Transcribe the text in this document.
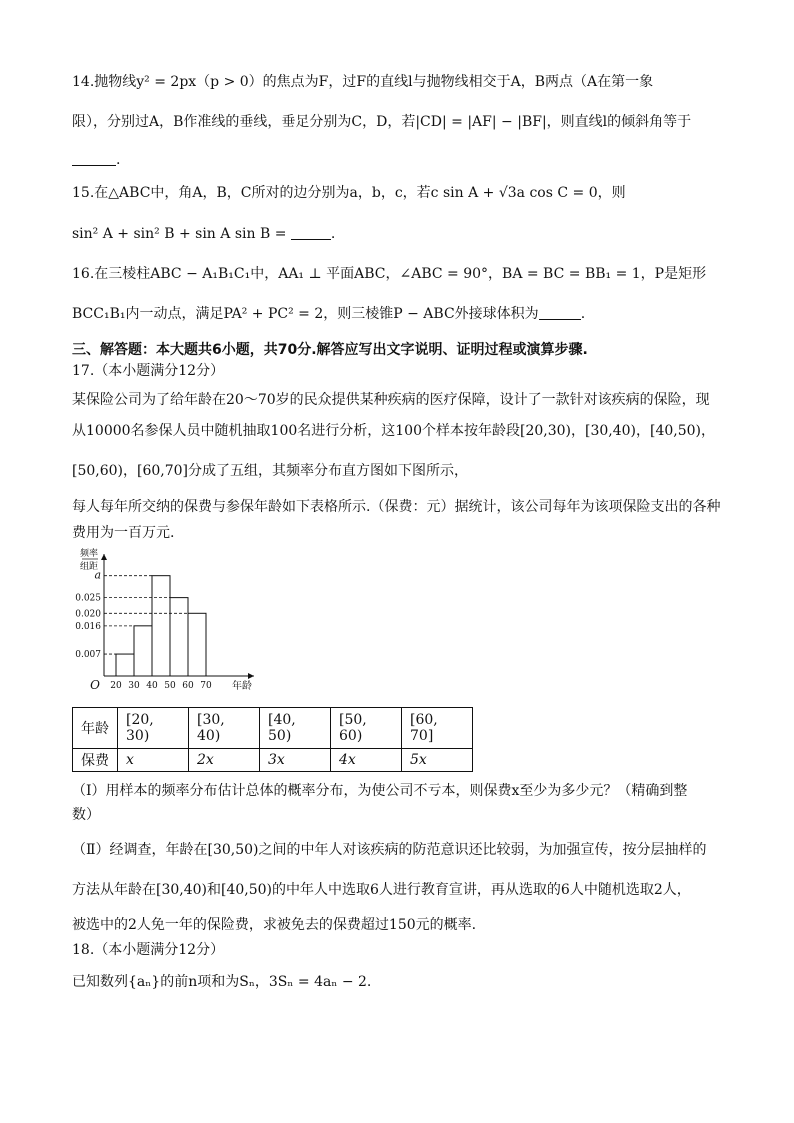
14.抛物线y² = 2px（p > 0）的焦点为F，过F的直线l与抛物线相交于A，B两点（A在第一象
限），分别过A，B作准线的垂线，垂足分别为C，D，若|CD| = |AF| − |BF|，则直线l的倾斜角等于
.
15.在△ABC中，角A，B，C所对的边分别为a，b，c，若c sin A + √3a cos C = 0，则
sin² A + sin² B + sin A sin B =	.
16.在三棱柱ABC − A₁B₁C₁中，AA₁ ⊥ 平面ABC，∠ABC = 90°，BA = BC = BB₁ = 1，P是矩形
BCC₁B₁内一动点，满足PA² + PC² = 2，则三棱锥P − ABC外接球体积为	.
三、解答题：本大题共6小题，共70分.解答应写出文字说明、证明过程或演算步骤.
17.（本小题满分12分）
某保险公司为了给年龄在20～70岁的民众提供某种疾病的医疗保障，设计了一款针对该疾病的保险，现
从10000名参保人员中随机抽取100名进行分析，这100个样本按年龄段[20,30)，[30,40)，[40,50)，
[50,60)，[60,70]分成了五组，其频率分布直方图如下图所示，
每人每年所交纳的保费与参保年龄如下表格所示.（保费：元）据统计，该公司每年为该项保险支出的各种
费用为一百万元.
频率
组距
a
0.025
0.020
0.016
0.007
20 30 40 50 60 70
O	年龄
年龄	[20, 30)	[30, 40)	[40, 50)	[50, 60)	[60, 70]
保费	x	2x	3x	4x	5x
（Ⅰ）用样本的频率分布估计总体的概率分布，为使公司不亏本，则保费x至少为多少元？（精确到整
数）
（Ⅱ）经调查，年龄在[30,50)之间的中年人对该疾病的防范意识还比较弱，为加强宣传，按分层抽样的
方法从年龄在[30,40)和[40,50)的中年人中选取6人进行教育宣讲，再从选取的6人中随机选取2人，
被选中的2人免一年的保险费，求被免去的保费超过150元的概率.
18.（本小题满分12分）
已知数列{aₙ}的前n项和为Sₙ，3Sₙ = 4aₙ − 2.
